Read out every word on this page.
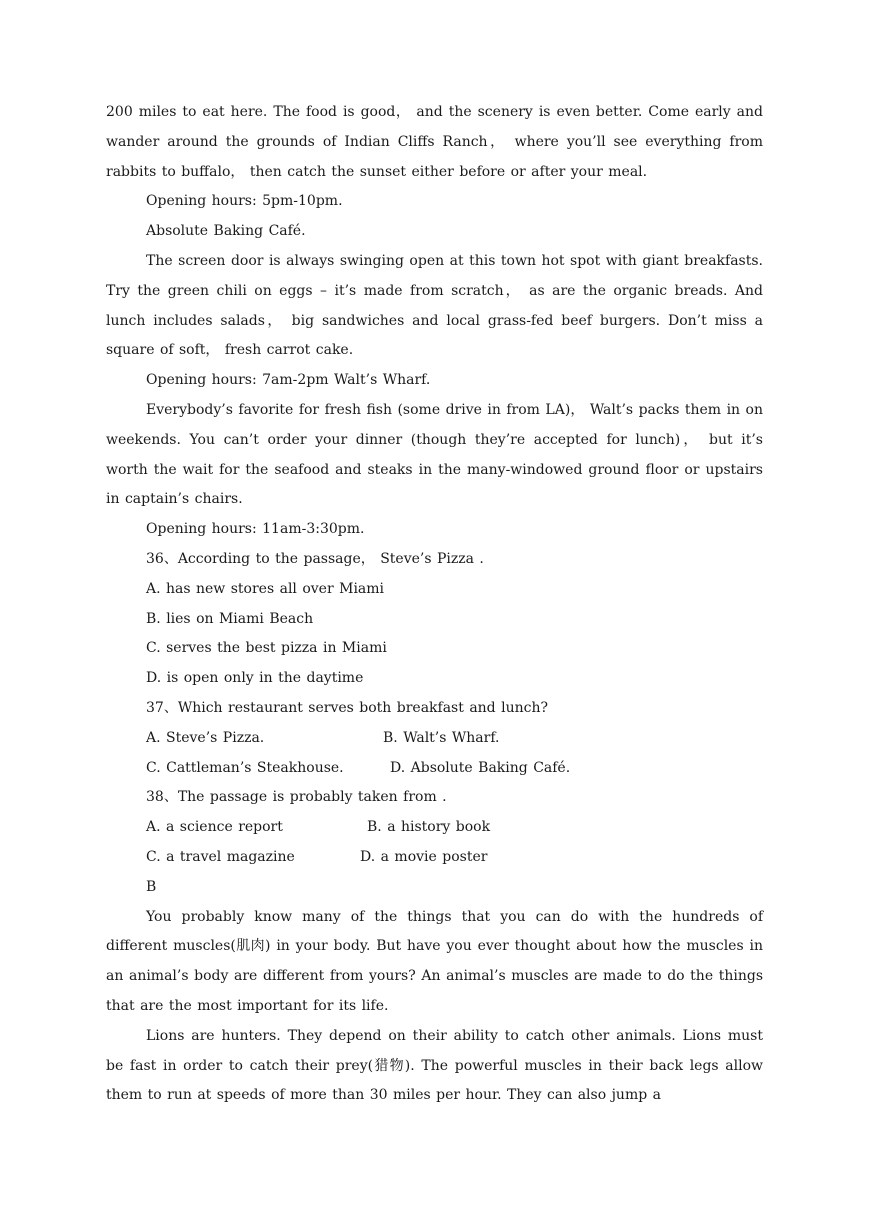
200 miles to eat here. The food is good， and the scenery is even better. Come early and wander around the grounds of Indian Cliffs Ranch， where you’ll see everything from rabbits to buffalo， then catch the sunset either before or after your meal.

Opening hours: 5pm-10pm.

Absolute Baking Café.

The screen door is always swinging open at this town hot spot with giant breakfasts. Try the green chili on eggs – it’s made from scratch， as are the organic breads. And lunch includes salads， big sandwiches and local grass-fed beef burgers. Don’t miss a square of soft， fresh carrot cake.

Opening hours: 7am-2pm Walt’s Wharf.

Everybody’s favorite for fresh fish (some drive in from LA)， Walt’s packs them in on weekends. You can’t order your dinner (though they’re accepted for lunch)， but it’s worth the wait for the seafood and steaks in the many-windowed ground floor or upstairs in captain’s chairs.

Opening hours: 11am-3:30pm.

36、According to the passage， Steve’s Pizza .

A. has new stores all over Miami

B. lies on Miami Beach

C. serves the best pizza in Miami

D. is open only in the daytime

37、Which restaurant serves both breakfast and lunch?

A. Steve’s Pizza.	B. Walt’s Wharf.
C. Cattleman’s Steakhouse.	D. Absolute Baking Café.

38、The passage is probably taken from .

A. a science report	B. a history book
C. a travel magazine	D. a movie poster

B

You probably know many of the things that you can do with the hundreds of different muscles(肌肉) in your body. But have you ever thought about how the muscles in an animal’s body are different from yours? An animal’s muscles are made to do the things that are the most important for its life.

Lions are hunters. They depend on their ability to catch other animals. Lions must be fast in order to catch their prey(猎物). The powerful muscles in their back legs allow them to run at speeds of more than 30 miles per hour. They can also jump a
